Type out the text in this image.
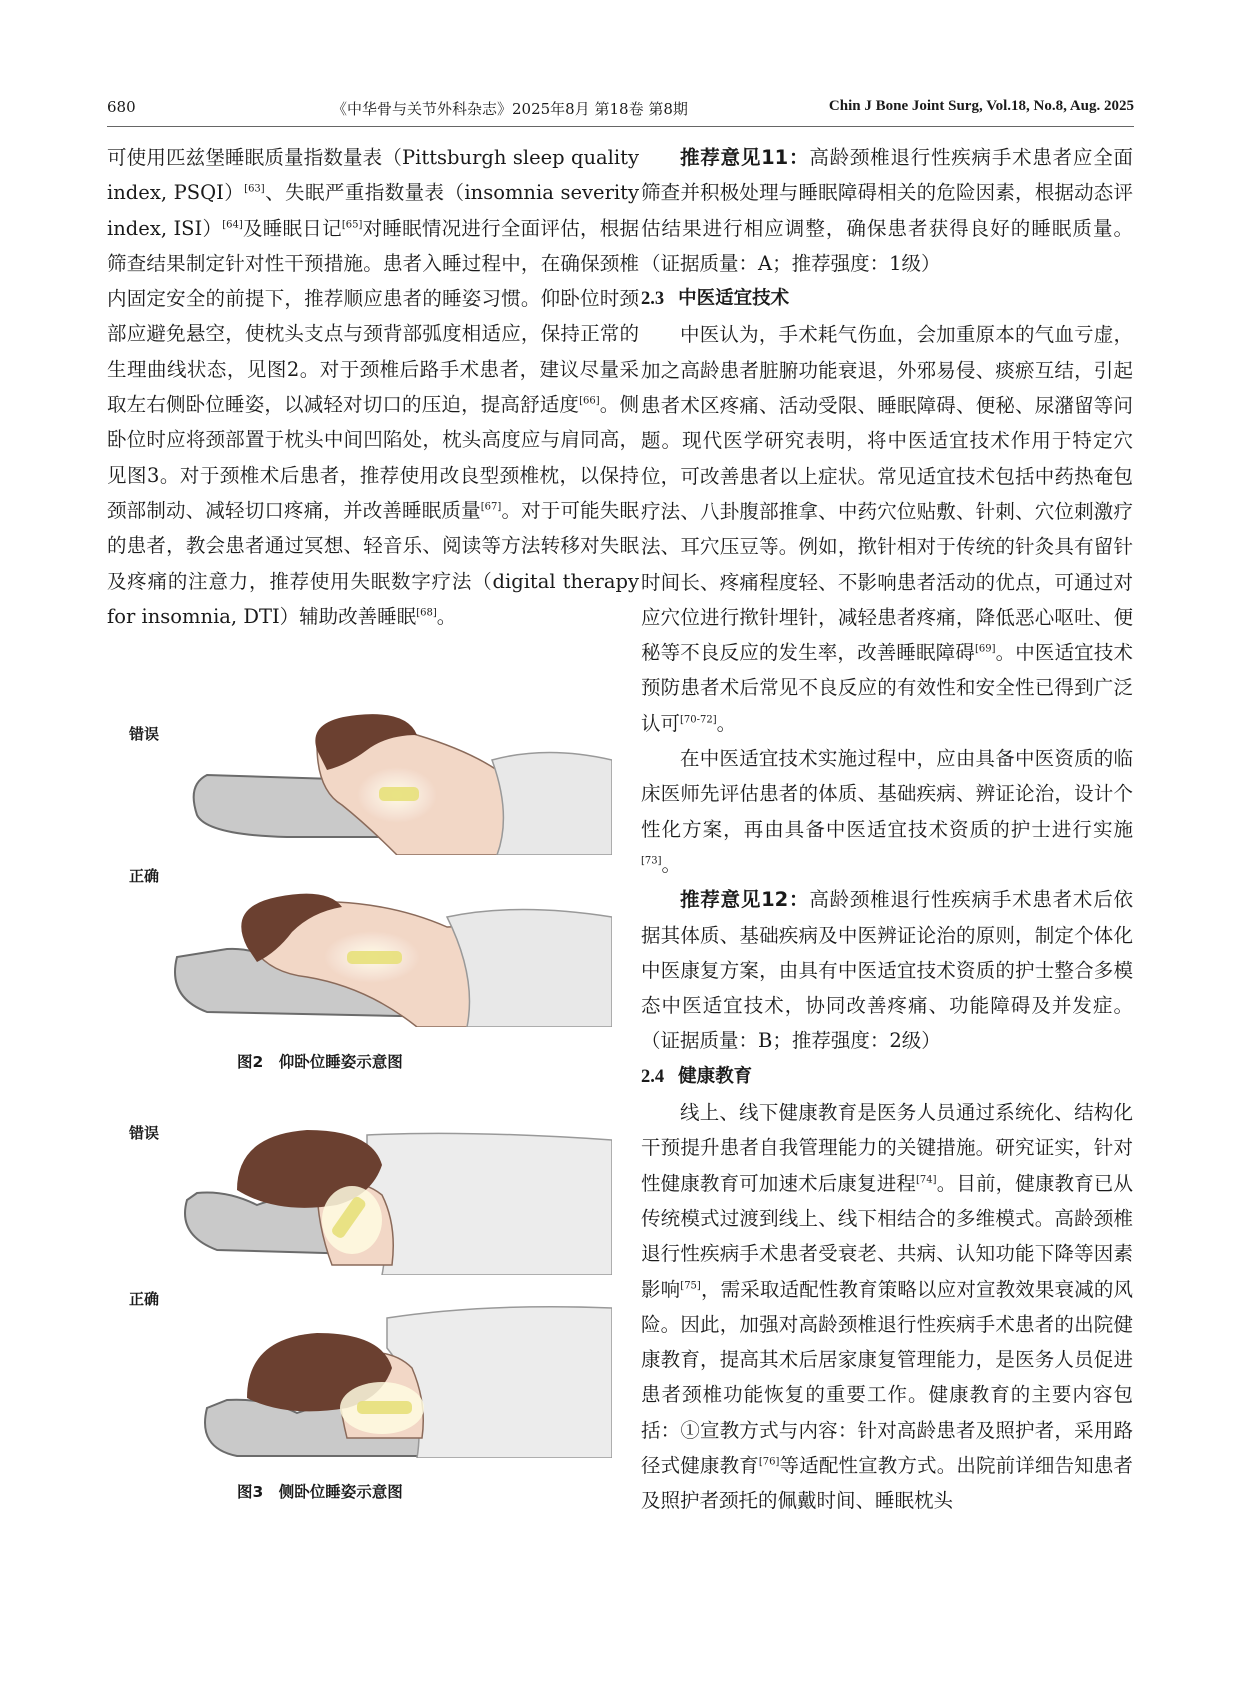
680	《中华骨与关节外科杂志》2025年8月 第18卷 第8期	Chin J Bone Joint Surg, Vol.18, No.8, Aug. 2025

可使用匹兹堡睡眠质量指数量表（Pittsburgh sleep quality index, PSQI）[63]、失眠严重指数量表（insomnia severity index, ISI）[64]及睡眠日记[65]对睡眠情况进行全面评估，根据筛查结果制定针对性干预措施。患者入睡过程中，在确保颈椎内固定安全的前提下，推荐顺应患者的睡姿习惯。仰卧位时颈部应避免悬空，使枕头支点与颈背部弧度相适应，保持正常的生理曲线状态，见图2。对于颈椎后路手术患者，建议尽量采取左右侧卧位睡姿，以减轻对切口的压迫，提高舒适度[66]。侧卧位时应将颈部置于枕头中间凹陷处，枕头高度应与肩同高，见图3。对于颈椎术后患者，推荐使用改良型颈椎枕，以保持颈部制动、减轻切口疼痛，并改善睡眠质量[67]。对于可能失眠的患者，教会患者通过冥想、轻音乐、阅读等方法转移对失眠及疼痛的注意力，推荐使用失眠数字疗法（digital therapy for insomnia, DTI）辅助改善睡眠[68]。

错误
正确
图2　仰卧位睡姿示意图
错误
正确
图3　侧卧位睡姿示意图

推荐意见11：高龄颈椎退行性疾病手术患者应全面筛查并积极处理与睡眠障碍相关的危险因素，根据动态评估结果进行相应调整，确保患者获得良好的睡眠质量。（证据质量：A；推荐强度：1级）

2.3 中医适宜技术

中医认为，手术耗气伤血，会加重原本的气血亏虚，加之高龄患者脏腑功能衰退，外邪易侵、痰瘀互结，引起患者术区疼痛、活动受限、睡眠障碍、便秘、尿潴留等问题。现代医学研究表明，将中医适宜技术作用于特定穴位，可改善患者以上症状。常见适宜技术包括中药热奄包疗法、八卦腹部推拿、中药穴位贴敷、针刺、穴位刺激疗法、耳穴压豆等。例如，揿针相对于传统的针灸具有留针时间长、疼痛程度轻、不影响患者活动的优点，可通过对应穴位进行揿针埋针，减轻患者疼痛，降低恶心呕吐、便秘等不良反应的发生率，改善睡眠障碍[69]。中医适宜技术预防患者术后常见不良反应的有效性和安全性已得到广泛认可[70-72]。

在中医适宜技术实施过程中，应由具备中医资质的临床医师先评估患者的体质、基础疾病、辨证论治，设计个性化方案，再由具备中医适宜技术资质的护士进行实施[73]。

推荐意见12：高龄颈椎退行性疾病手术患者术后依据其体质、基础疾病及中医辨证论治的原则，制定个体化中医康复方案，由具有中医适宜技术资质的护士整合多模态中医适宜技术，协同改善疼痛、功能障碍及并发症。（证据质量：B；推荐强度：2级）

2.4 健康教育

线上、线下健康教育是医务人员通过系统化、结构化干预提升患者自我管理能力的关键措施。研究证实，针对性健康教育可加速术后康复进程[74]。目前，健康教育已从传统模式过渡到线上、线下相结合的多维模式。高龄颈椎退行性疾病手术患者受衰老、共病、认知功能下降等因素影响[75]，需采取适配性教育策略以应对宣教效果衰减的风险。因此，加强对高龄颈椎退行性疾病手术患者的出院健康教育，提高其术后居家康复管理能力，是医务人员促进患者颈椎功能恢复的重要工作。健康教育的主要内容包括：①宣教方式与内容：针对高龄患者及照护者，采用路径式健康教育[76]等适配性宣教方式。出院前详细告知患者及照护者颈托的佩戴时间、睡眠枕头
